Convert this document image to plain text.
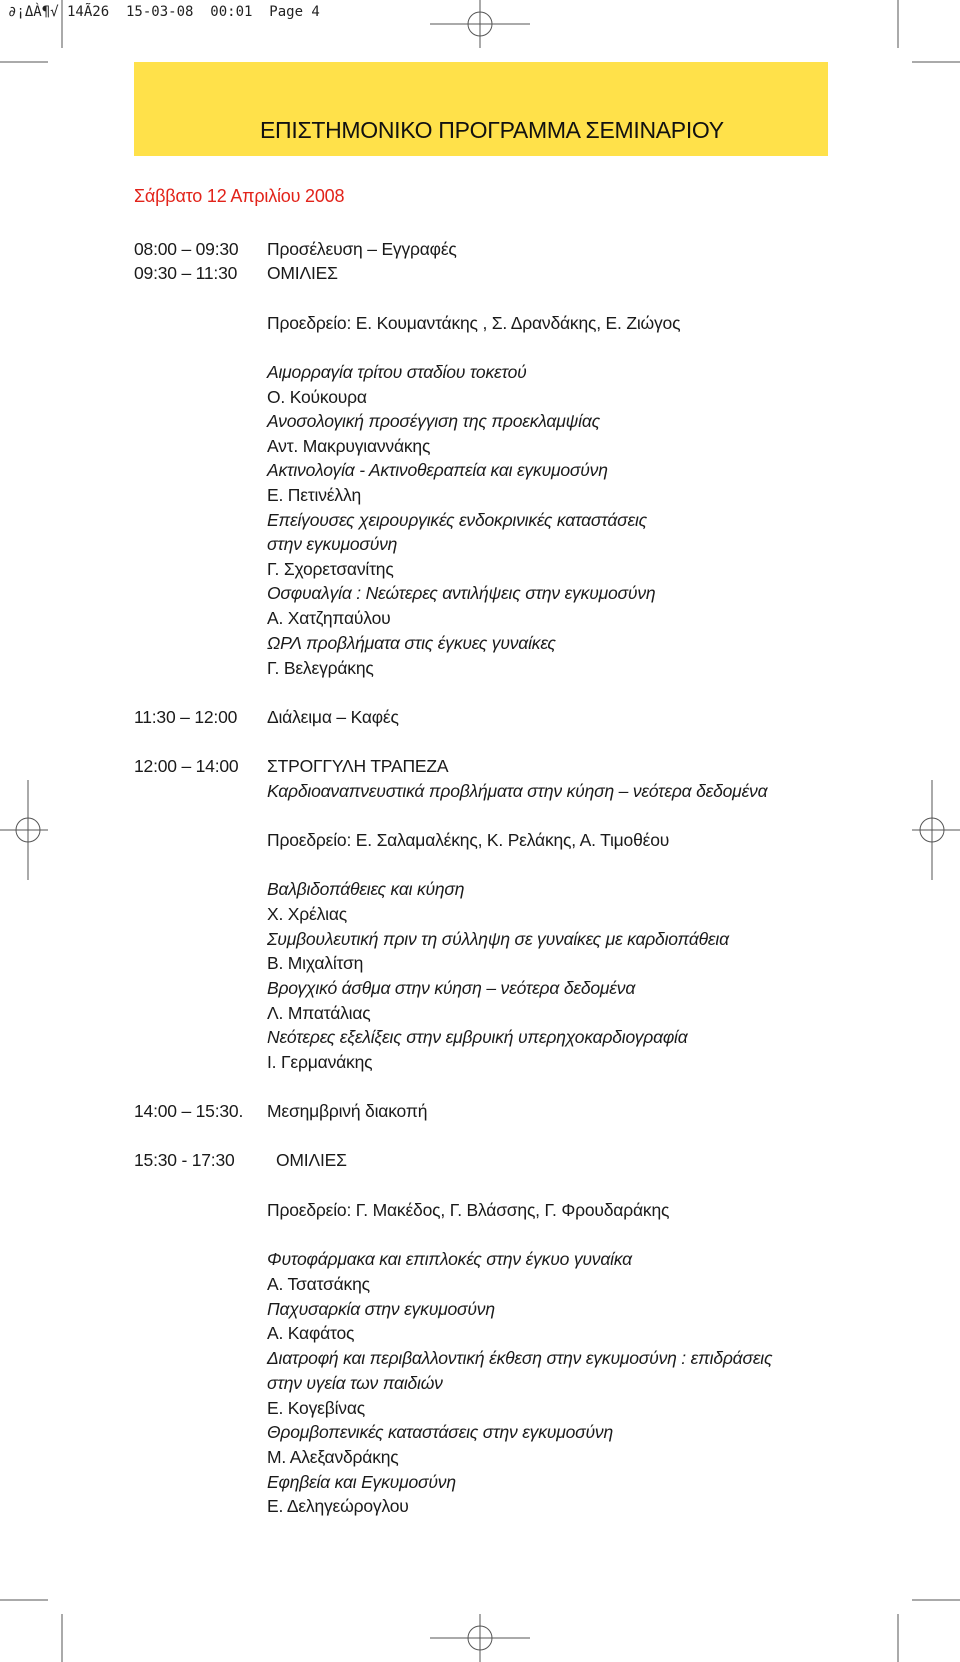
∂¡ΔÀ¶√ 14Ã26  15-03-08  00:01  Page 4
ΕΠΙΣΤΗΜΟΝΙΚΟ ΠΡΟΓΡΑΜΜΑ ΣΕΜΙΝΑΡΙΟΥ
Σάββατο 12 Απριλίου 2008
08:00 – 09:30 Προσέλευση – Εγγραφές
09:30 – 11:30 ΟΜΙΛΙΕΣ
Προεδρείο: Ε. Κουμαντάκης , Σ. Δρανδάκης, Ε. Ζιώγος
Αιμορραγία τρίτου σταδίου τοκετού
Ο. Κούκουρα
Ανοσολογική προσέγγιση της προεκλαμψίας
Αντ. Μακρυγιαννάκης
Ακτινολογία - Ακτινοθεραπεία και εγκυμοσύνη
Ε. Πετινέλλη
Επείγουσες χειρουργικές ενδοκρινικές καταστάσεις
στην εγκυμοσύνη
Γ. Σχορετσανίτης
Οσφυαλγία : Νεώτερες αντιλήψεις στην εγκυμοσύνη
Α. Χατζηπαύλου
ΩΡΛ προβλήματα στις έγκυες γυναίκες
Γ. Βελεγράκης
11:30 – 12:00 Διάλειμα – Καφές
12:00 – 14:00 ΣΤΡΟΓΓΥΛΗ ΤΡΑΠΕΖΑ
Καρδιοαναπνευστικά προβλήματα στην κύηση – νεότερα δεδομένα
Προεδρείο: Ε. Σαλαμαλέκης, Κ. Ρελάκης, Α. Τιμοθέου
Βαλβιδοπάθειες και κύηση
Χ. Χρέλιας
Συμβουλευτική πριν τη σύλληψη σε γυναίκες με καρδιοπάθεια
Β. Μιχαλίτση
Βρογχικό άσθμα στην κύηση – νεότερα δεδομένα
Λ. Μπατάλιας
Νεότερες εξελίξεις στην εμβρυική υπερηχοκαρδιογραφία
Ι. Γερμανάκης
14:00 – 15:30. Μεσημβρινή διακοπή
15:30 - 17:30 ΟΜΙΛΙΕΣ
Προεδρείο: Γ. Μακέδος, Γ. Βλάσσης, Γ. Φρουδαράκης
Φυτοφάρμακα και επιπλοκές στην έγκυο γυναίκα
Α. Τσατσάκης
Παχυσαρκία στην εγκυμοσύνη
Α. Καφάτος
Διατροφή και περιβαλλοντική έκθεση στην εγκυμοσύνη : επιδράσεις
στην υγεία των παιδιών
Ε. Κογεβίνας
Θρομβοπενικές καταστάσεις στην εγκυμοσύνη
Μ. Αλεξανδράκης
Εφηβεία και Εγκυμοσύνη
Ε. Δεληγεώρογλου
